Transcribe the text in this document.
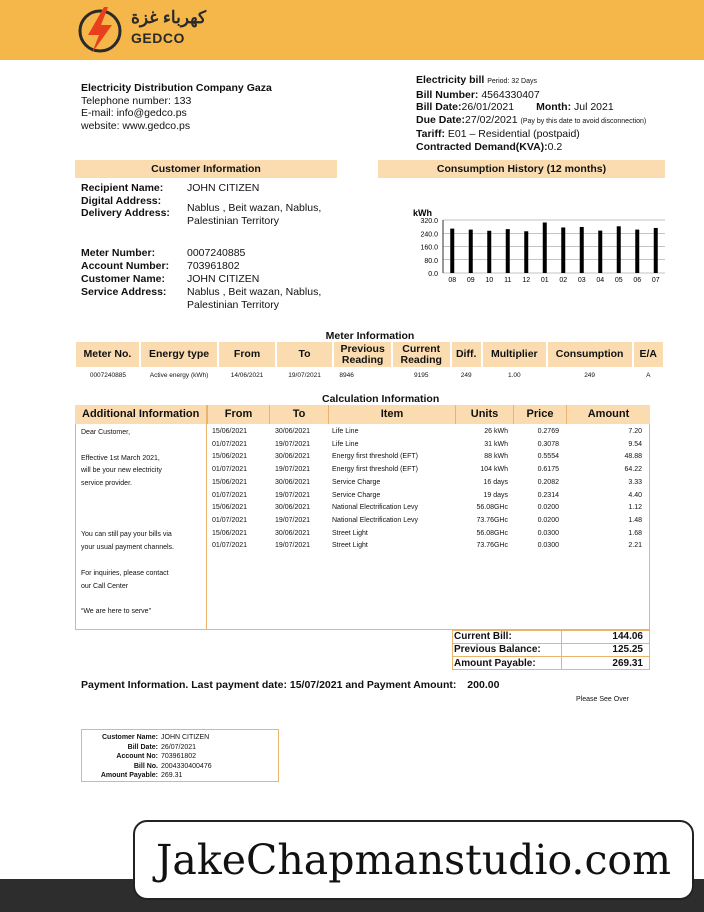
كهرباء غزة
GEDCO
Electricity Distribution Company Gaza
Telephone number: 133
E-mail: info@gedco.ps
website: www.gedco.ps
Electricity bill Period: 32 Days
Bill Number: 4564330407
Bill Date:26/01/2021 Month: Jul 2021
Due Date:27/02/2021 (Pay by this date to avoid disconnection)
Tariff: E01 – Residential (postpaid)
Contracted Demand(KVA):0.2
Customer Information	Consumption History (12 months)
Recipient Name: JOHN CITIZEN
Digital Address:
Delivery Address: Nablus , Beit wazan, Nablus,
Palestinian Territory
Meter Number:	0007240885
Account Number: 703961802
Customer Name: JOHN CITIZEN
Service Address: Nablus , Beit wazan, Nablus,
Palestinian Territory
kWh
320.0
240.0
160.0
80.0
0.0
08 09 10 11 12 01 02 03 04 05 06 07
Meter Information
Meter No.	Energy type	From	To	Previous Reading	Current Reading	Diff.	Multiplier	Consumption	E/A
0007240885	Active energy (kWh)	14/06/2021	19/07/2021	8946	9195	249	1.00	249	A
Calculation Information
Additional Information	From	To	Item	Units	Price	Amount
Dear Customer,
Effective 1st March 2021,
will be your new electricity
service provider.
You can still pay your bills via
your usual payment channels.
For inquiries, please contact
our Call Center
“We are here to serve”
15/06/2021	30/06/2021	Life Line	26 kWh	0.2769	7.20
01/07/2021	19/07/2021	Life Line	31 kWh	0.3078	9.54
15/06/2021	30/06/2021	Energy first threshold (EFT)	88 kWh	0.5554	48.88
01/07/2021	19/07/2021	Energy first threshold (EFT)	104 kWh	0.6175	64.22
15/06/2021	30/06/2021	Service Charge	16 days	0.2082	3.33
01/07/2021	19/07/2021	Service Charge	19 days	0.2314	4.40
15/06/2021	30/06/2021	National Electrification Levy	56.08GHc	0.0200	1.12
01/07/2021	19/07/2021	National Electrification Levy	73.76GHc	0.0200	1.48
15/06/2021	30/06/2021	Street Light	56.08GHc	0.0300	1.68
01/07/2021	19/07/2021	Street Light	73.76GHc	0.0300	2.21
Current Bill:	144.06
Previous Balance:	125.25
Amount Payable:	269.31
Payment Information. Last payment date: 15/07/2021 and Payment Amount: 200.00
Please See Over
Customer Name: JOHN CITIZEN
Bill Date: 26/07/2021
Account No: 703961802
Bill No. 2004330400476
Amount Payable: 269.31
JakeChapmanstudio.com
